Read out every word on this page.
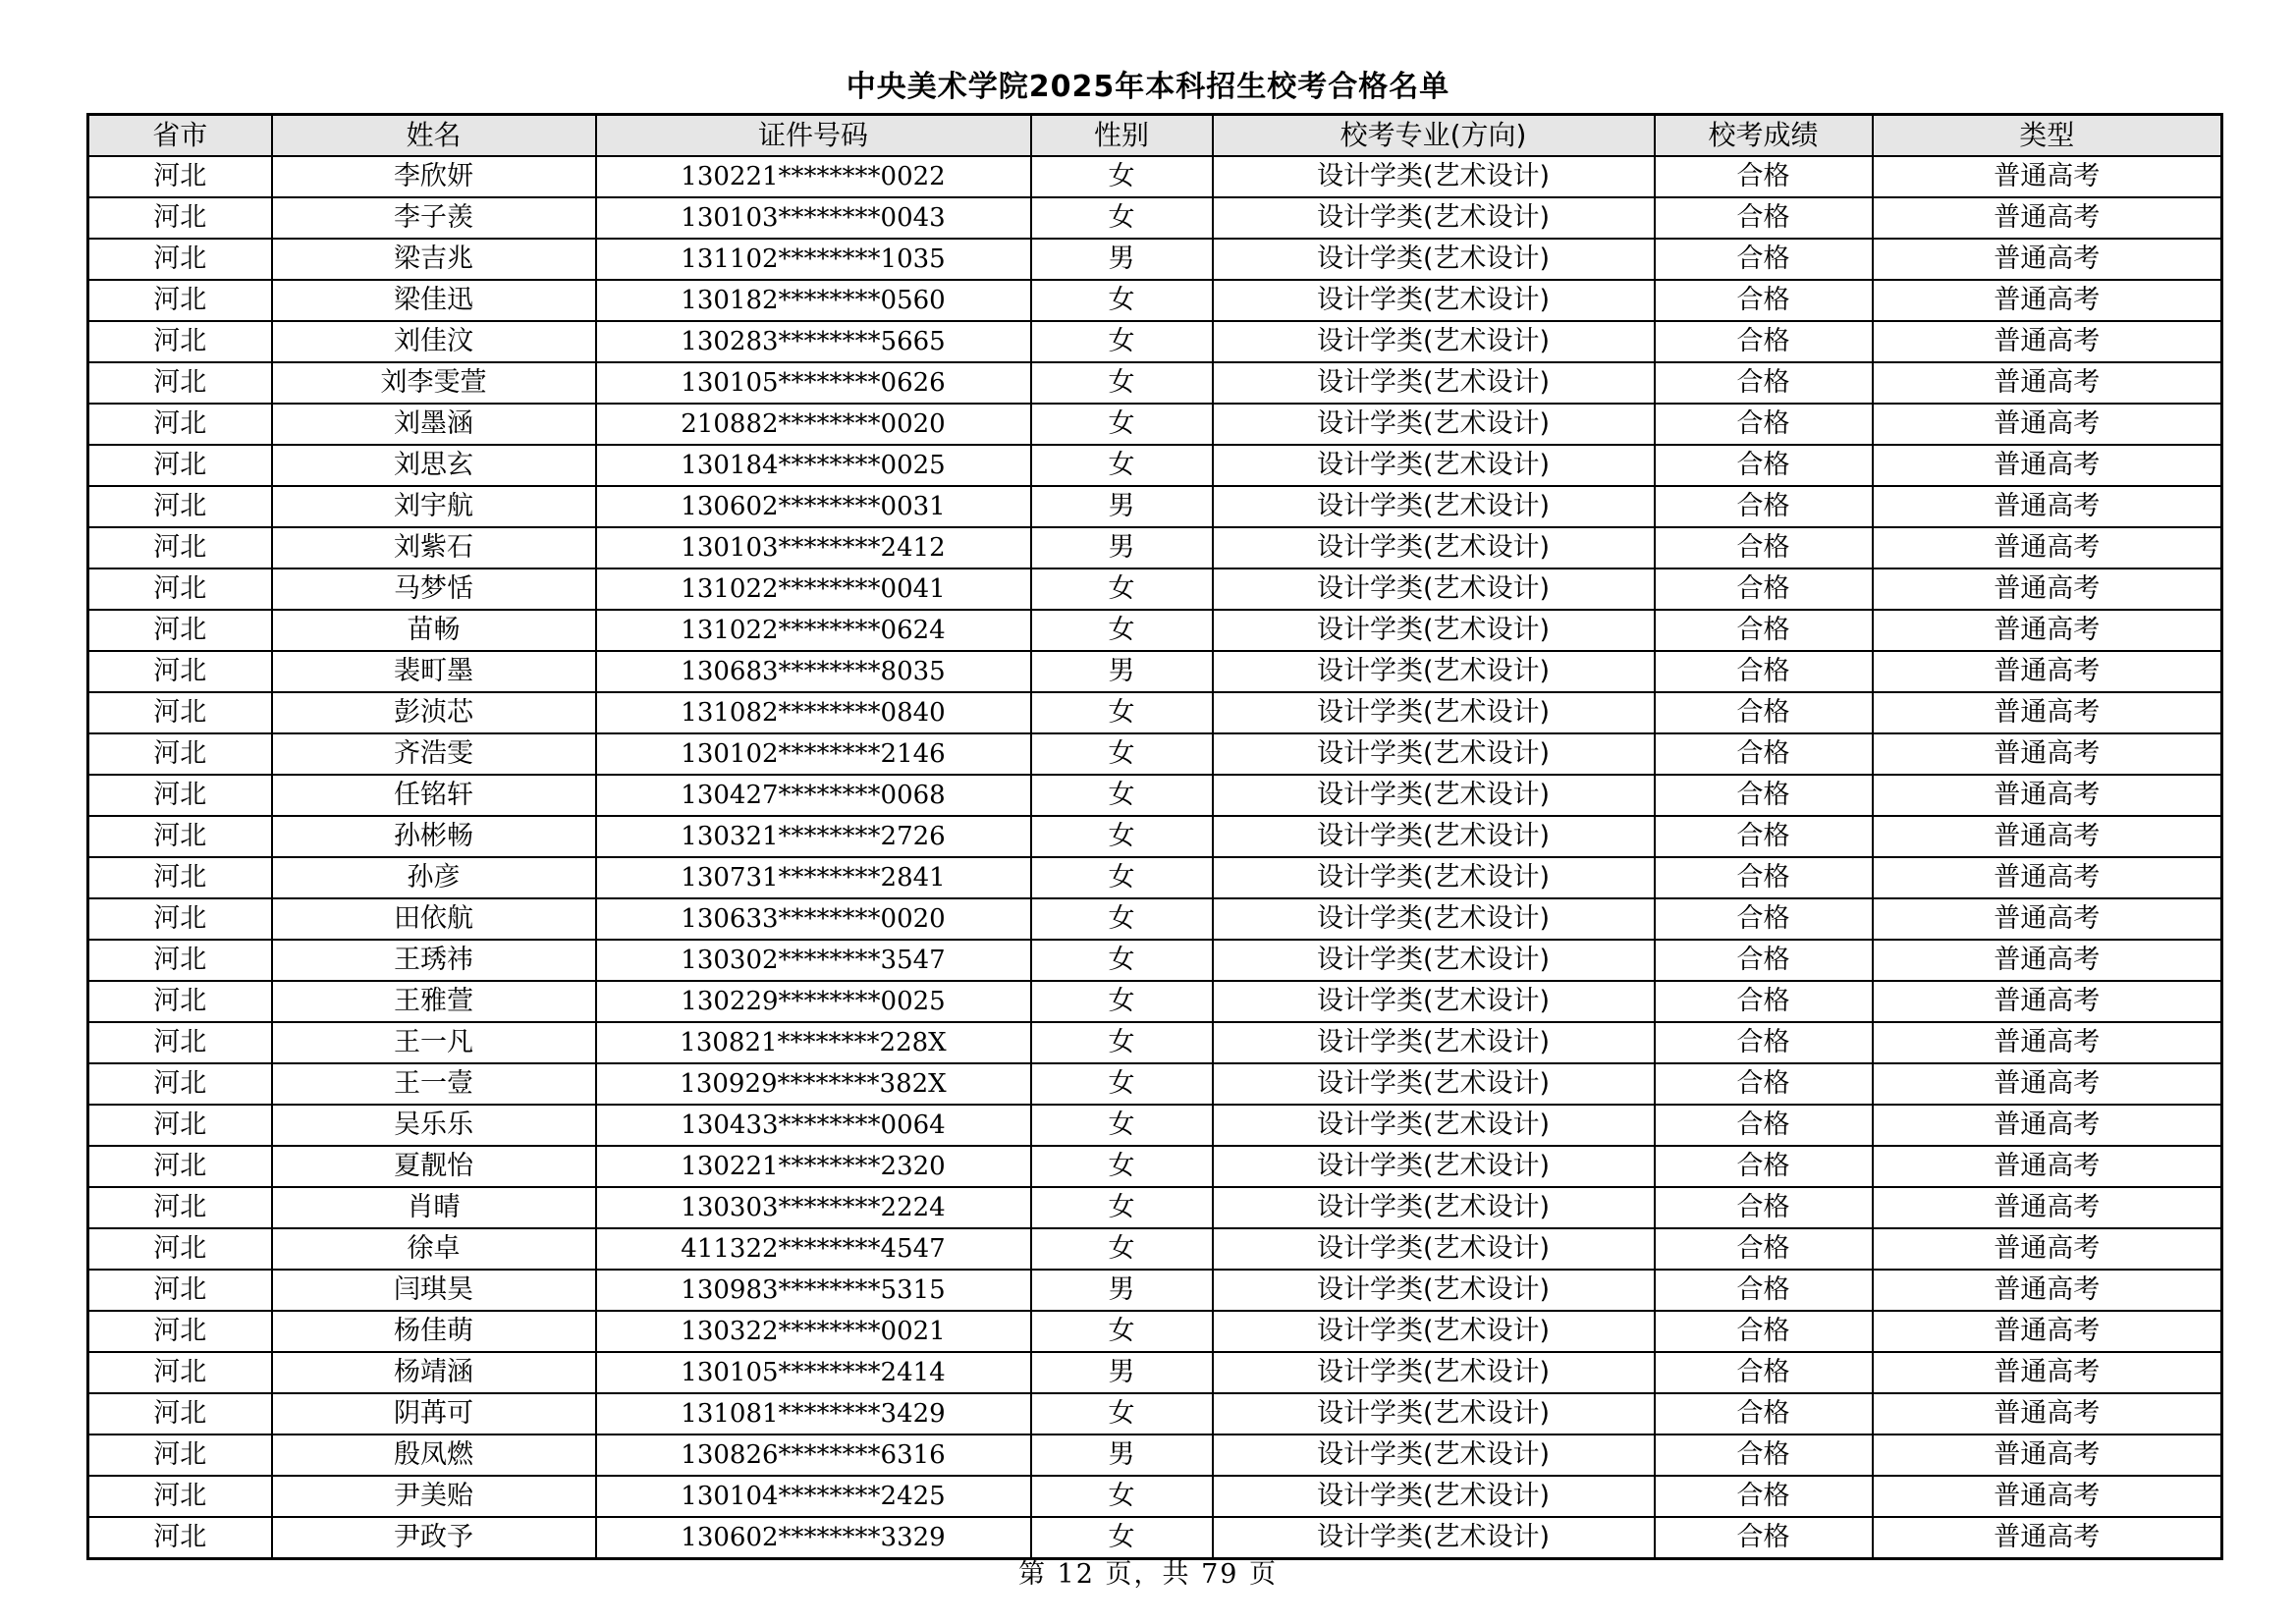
中央美术学院2025年本科招生校考合格名单
省市	姓名	证件号码	性别	校考专业(方向)	校考成绩	类型
河北	李欣妍	130221********0022	女	设计学类(艺术设计)	合格	普通高考
河北	李子羡	130103********0043	女	设计学类(艺术设计)	合格	普通高考
河北	梁吉兆	131102********1035	男	设计学类(艺术设计)	合格	普通高考
河北	梁佳迅	130182********0560	女	设计学类(艺术设计)	合格	普通高考
河北	刘佳汶	130283********5665	女	设计学类(艺术设计)	合格	普通高考
河北	刘李雯萱	130105********0626	女	设计学类(艺术设计)	合格	普通高考
河北	刘墨涵	210882********0020	女	设计学类(艺术设计)	合格	普通高考
河北	刘思玄	130184********0025	女	设计学类(艺术设计)	合格	普通高考
河北	刘宇航	130602********0031	男	设计学类(艺术设计)	合格	普通高考
河北	刘紫石	130103********2412	男	设计学类(艺术设计)	合格	普通高考
河北	马梦恬	131022********0041	女	设计学类(艺术设计)	合格	普通高考
河北	苗畅	131022********0624	女	设计学类(艺术设计)	合格	普通高考
河北	裴町墨	130683********8035	男	设计学类(艺术设计)	合格	普通高考
河北	彭浈芯	131082********0840	女	设计学类(艺术设计)	合格	普通高考
河北	齐浩雯	130102********2146	女	设计学类(艺术设计)	合格	普通高考
河北	任铭轩	130427********0068	女	设计学类(艺术设计)	合格	普通高考
河北	孙彬畅	130321********2726	女	设计学类(艺术设计)	合格	普通高考
河北	孙彦	130731********2841	女	设计学类(艺术设计)	合格	普通高考
河北	田依航	130633********0020	女	设计学类(艺术设计)	合格	普通高考
河北	王琇祎	130302********3547	女	设计学类(艺术设计)	合格	普通高考
河北	王雅萱	130229********0025	女	设计学类(艺术设计)	合格	普通高考
河北	王一凡	130821********228X	女	设计学类(艺术设计)	合格	普通高考
河北	王一壹	130929********382X	女	设计学类(艺术设计)	合格	普通高考
河北	吴乐乐	130433********0064	女	设计学类(艺术设计)	合格	普通高考
河北	夏靓怡	130221********2320	女	设计学类(艺术设计)	合格	普通高考
河北	肖晴	130303********2224	女	设计学类(艺术设计)	合格	普通高考
河北	徐卓	411322********4547	女	设计学类(艺术设计)	合格	普通高考
河北	闫琪昊	130983********5315	男	设计学类(艺术设计)	合格	普通高考
河北	杨佳萌	130322********0021	女	设计学类(艺术设计)	合格	普通高考
河北	杨靖涵	130105********2414	男	设计学类(艺术设计)	合格	普通高考
河北	阴苒可	131081********3429	女	设计学类(艺术设计)	合格	普通高考
河北	殷凤燃	130826********6316	男	设计学类(艺术设计)	合格	普通高考
河北	尹美贻	130104********2425	女	设计学类(艺术设计)	合格	普通高考
河北	尹政予	130602********3329	女	设计学类(艺术设计)	合格	普通高考
第 12 页，共 79 页
